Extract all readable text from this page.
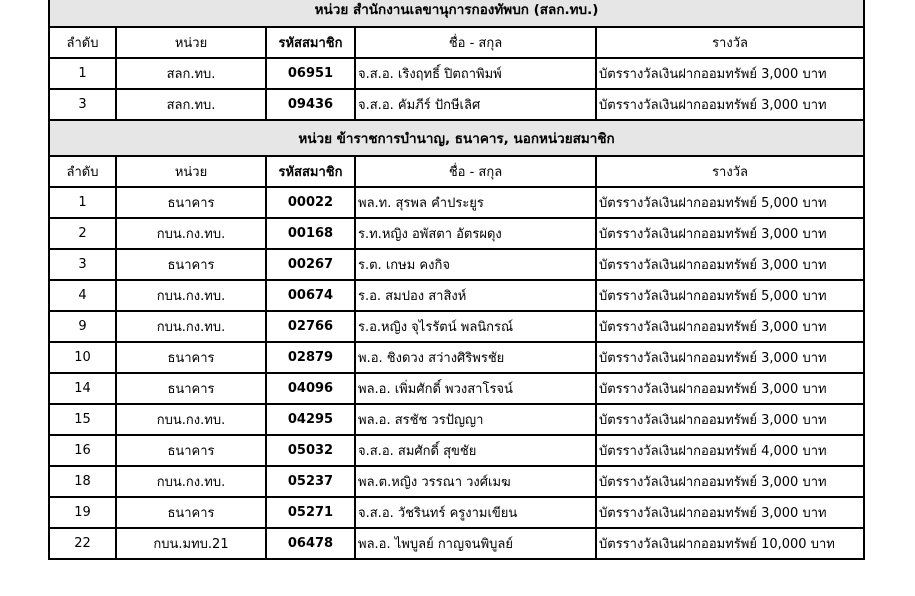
หน่วย สำนักงานเลขานุการกองทัพบก (สลก.ทบ.)				
ลำดับ	หน่วย	รหัสสมาชิก	ชื่อ - สกุล	รางวัล
1	สลก.ทบ.	06951	จ.ส.อ. เริงฤทธิ์ ปิตถาพิมพ์	บัตรรางวัลเงินฝากออมทรัพย์ 3,000 บาท
3	สลก.ทบ.	09436	จ.ส.อ. คัมภีร์ ปักษีเลิศ	บัตรรางวัลเงินฝากออมทรัพย์ 3,000 บาท
หน่วย ข้าราชการบำนาญ, ธนาคาร, นอกหน่วยสมาชิก				
ลำดับ	หน่วย	รหัสสมาชิก	ชื่อ - สกุล	รางวัล
1	ธนาคาร	00022	พล.ท. สุรพล คำประยูร	บัตรรางวัลเงินฝากออมทรัพย์ 5,000 บาท
2	กบน.กง.ทบ.	00168	ร.ท.หญิง อพัสตา อัตรผดุง	บัตรรางวัลเงินฝากออมทรัพย์ 3,000 บาท
3	ธนาคาร	00267	ร.ต. เกษม คงกิจ	บัตรรางวัลเงินฝากออมทรัพย์ 3,000 บาท
4	กบน.กง.ทบ.	00674	ร.อ. สมปอง สาสิงห์	บัตรรางวัลเงินฝากออมทรัพย์ 5,000 บาท
9	กบน.กง.ทบ.	02766	ร.อ.หญิง จุไรรัตน์ พลนิกรณ์	บัตรรางวัลเงินฝากออมทรัพย์ 3,000 บาท
10	ธนาคาร	02879	พ.อ. ชิงดวง สว่างศิริพรชัย	บัตรรางวัลเงินฝากออมทรัพย์ 3,000 บาท
14	ธนาคาร	04096	พล.อ. เพิ่มศักดิ์ พวงสาโรจน์	บัตรรางวัลเงินฝากออมทรัพย์ 3,000 บาท
15	กบน.กง.ทบ.	04295	พล.อ. สรชัช วรปัญญา	บัตรรางวัลเงินฝากออมทรัพย์ 3,000 บาท
16	ธนาคาร	05032	จ.ส.อ. สมศักดิ์ สุขชัย	บัตรรางวัลเงินฝากออมทรัพย์ 4,000 บาท
18	กบน.กง.ทบ.	05237	พล.ต.หญิง วรรณา วงศ์เมฆ	บัตรรางวัลเงินฝากออมทรัพย์ 3,000 บาท
19	ธนาคาร	05271	จ.ส.อ. วัชรินทร์ ครูงามเขียน	บัตรรางวัลเงินฝากออมทรัพย์ 3,000 บาท
22	กบน.มทบ.21	06478	พล.อ. ไพบูลย์ กาญจนพิบูลย์	บัตรรางวัลเงินฝากออมทรัพย์ 10,000 บาท
